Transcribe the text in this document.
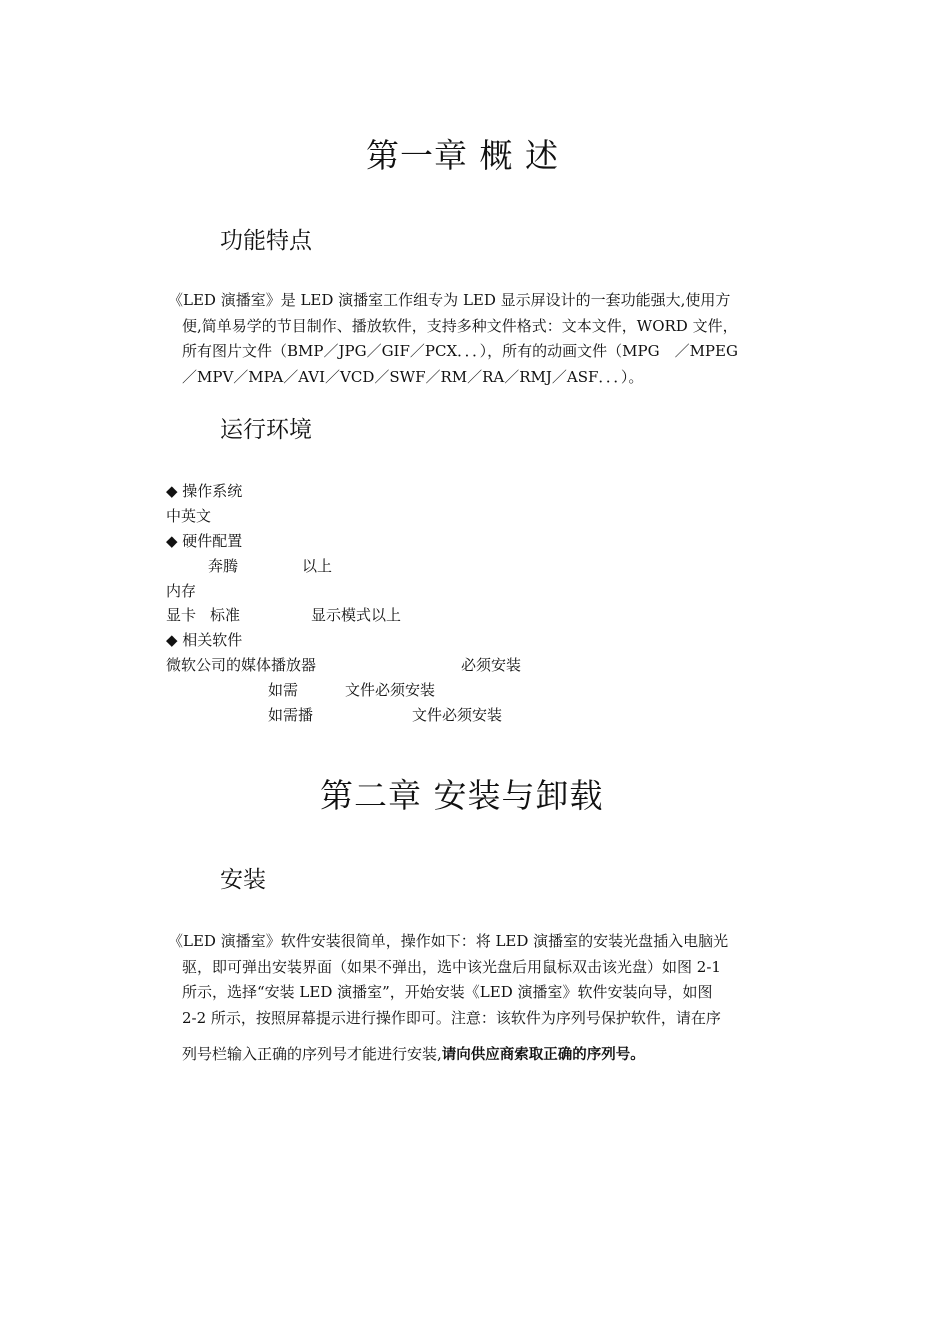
第一章 概 述
功能特点
《LED 演播室》是 LED 演播室工作组专为 LED 显示屏设计的一套功能强大,使用方
便,简单易学的节目制作、播放软件，支持多种文件格式：文本文件，WORD 文件，
所有图片文件（BMP／JPG／GIF／PCX．．．），所有的动画文件（MPG　／MPEG
／MPV／MPA／AVI／VCD／SWF／RM／RA／RMJ／ASF．．．）。
运行环境
◆ 操作系统
中英文
◆ 硬件配置
奔腾	以上
内存
显卡 标准	显示模式以上
◆ 相关软件
微软公司的媒体播放器	必须安装
如需	文件必须安装
如需播	文件必须安装
第二章 安装与卸载
安装
《LED 演播室》软件安装很简单，操作如下：将 LED 演播室的安装光盘插入电脑光
驱，即可弹出安装界面（如果不弹出，选中该光盘后用鼠标双击该光盘）如图 2-1
所示，选择“安装 LED 演播室”，开始安装《LED 演播室》软件安装向导，如图
2-2 所示，按照屏幕提示进行操作即可。注意：该软件为序列号保护软件，请在序
列号栏输入正确的序列号才能进行安装,请向供应商索取正确的序列号。
